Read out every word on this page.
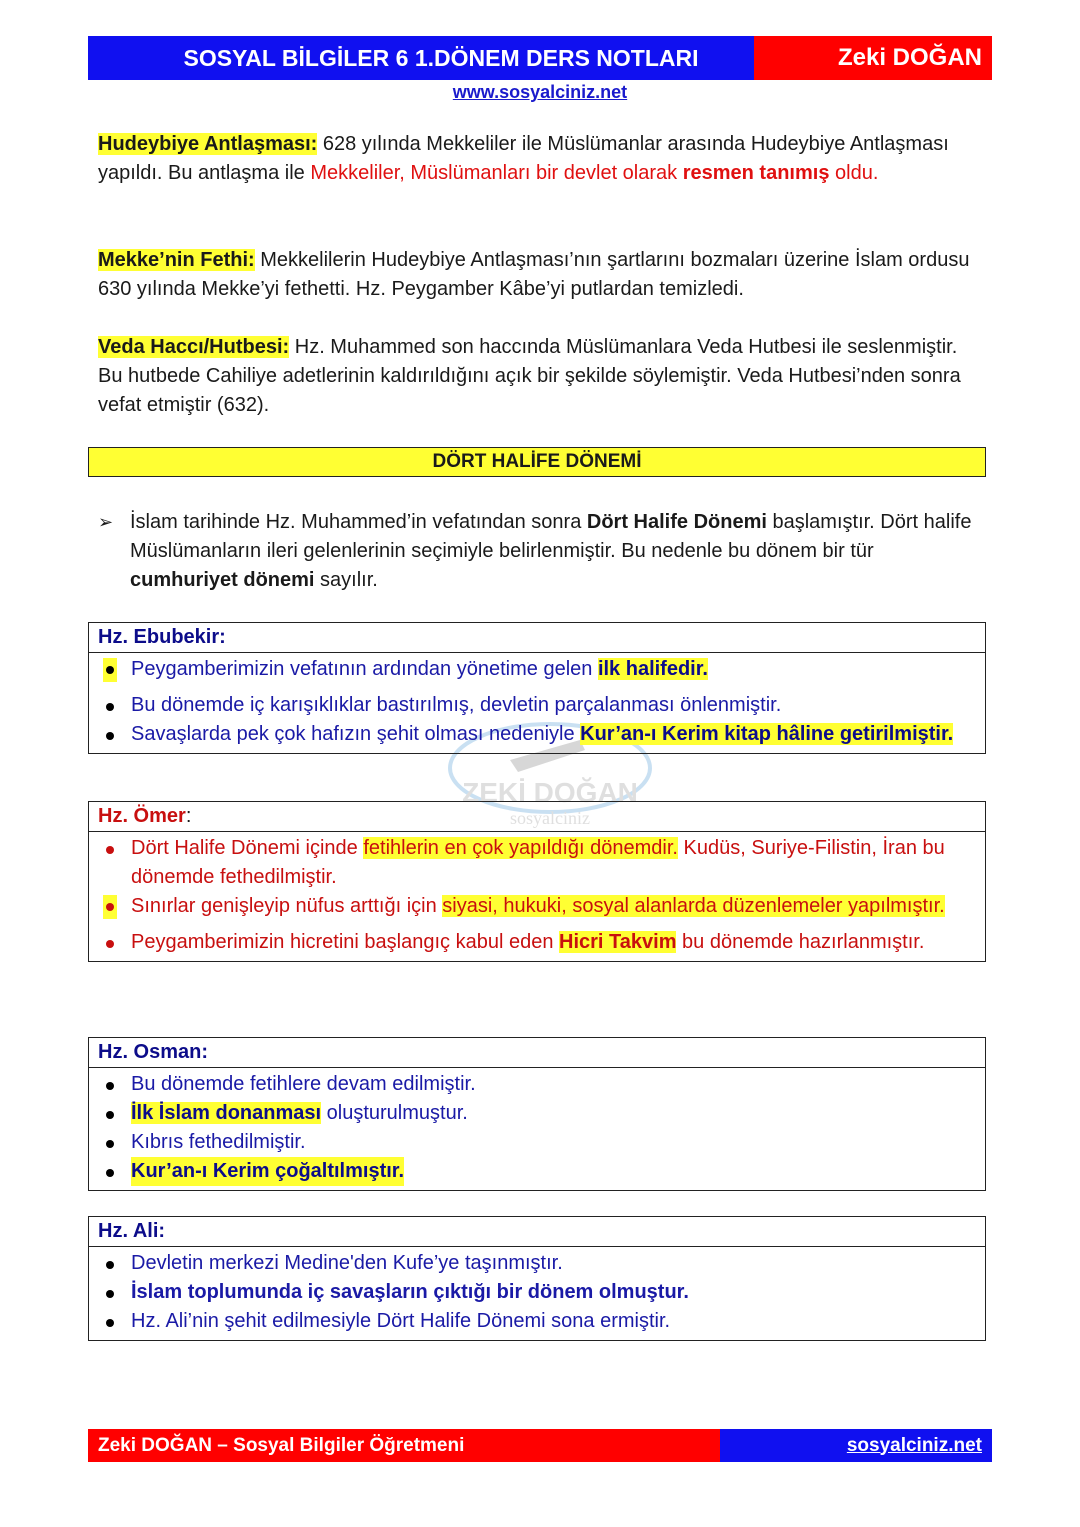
SOSYAL BİLGİLER 6 1.DÖNEM DERS NOTLARI	Zeki DOĞAN
www.sosyalciniz.net
Hudeybiye Antlaşması: 628 yılında Mekkeliler ile Müslümanlar arasında Hudeybiye Antlaşması yapıldı. Bu antlaşma ile Mekkeliler, Müslümanları bir devlet olarak resmen tanımış oldu.
Mekke’nin Fethi: Mekkelilerin Hudeybiye Antlaşması’nın şartlarını bozmaları üzerine İslam ordusu 630 yılında Mekke’yi fethetti. Hz. Peygamber Kâbe’yi putlardan temizledi.
Veda Haccı/Hutbesi: Hz. Muhammed son haccında Müslümanlara Veda Hutbesi ile seslenmiştir. Bu hutbede Cahiliye adetlerinin kaldırıldığını açık bir şekilde söylemiştir. Veda Hutbesi’nden sonra vefat etmiştir (632).
DÖRT HALİFE DÖNEMİ
➢ İslam tarihinde Hz. Muhammed’in vefatından sonra Dört Halife Dönemi başlamıştır. Dört halife Müslümanların ileri gelenlerinin seçimiyle belirlenmiştir. Bu nedenle bu dönem bir tür cumhuriyet dönemi sayılır.
ZEKİ DOĞAN
sosyalciniz
Hz. Ebubekir:
Peygamberimizin vefatının ardından yönetime gelen ilk halifedir.
Bu dönemde iç karışıklıklar bastırılmış, devletin parçalanması önlenmiştir.
Savaşlarda pek çok hafızın şehit olması nedeniyle Kur’an-ı Kerim kitap hâline getirilmiştir.
Hz. Ömer:
Dört Halife Dönemi içinde fetihlerin en çok yapıldığı dönemdir. Kudüs, Suriye-Filistin, İran bu dönemde fethedilmiştir.
Sınırlar genişleyip nüfus arttığı için siyasi, hukuki, sosyal alanlarda düzenlemeler yapılmıştır.
Peygamberimizin hicretini başlangıç kabul eden Hicri Takvim bu dönemde hazırlanmıştır.
Hz. Osman:
Bu dönemde fetihlere devam edilmiştir.
İlk İslam donanması oluşturulmuştur.
Kıbrıs fethedilmiştir.
Kur’an-ı Kerim çoğaltılmıştır.
Hz. Ali:
Devletin merkezi Medine'den Kufe’ye taşınmıştır.
İslam toplumunda iç savaşların çıktığı bir dönem olmuştur.
Hz. Ali’nin şehit edilmesiyle Dört Halife Dönemi sona ermiştir.
Zeki DOĞAN – Sosyal Bilgiler Öğretmeni	sosyalciniz.net
